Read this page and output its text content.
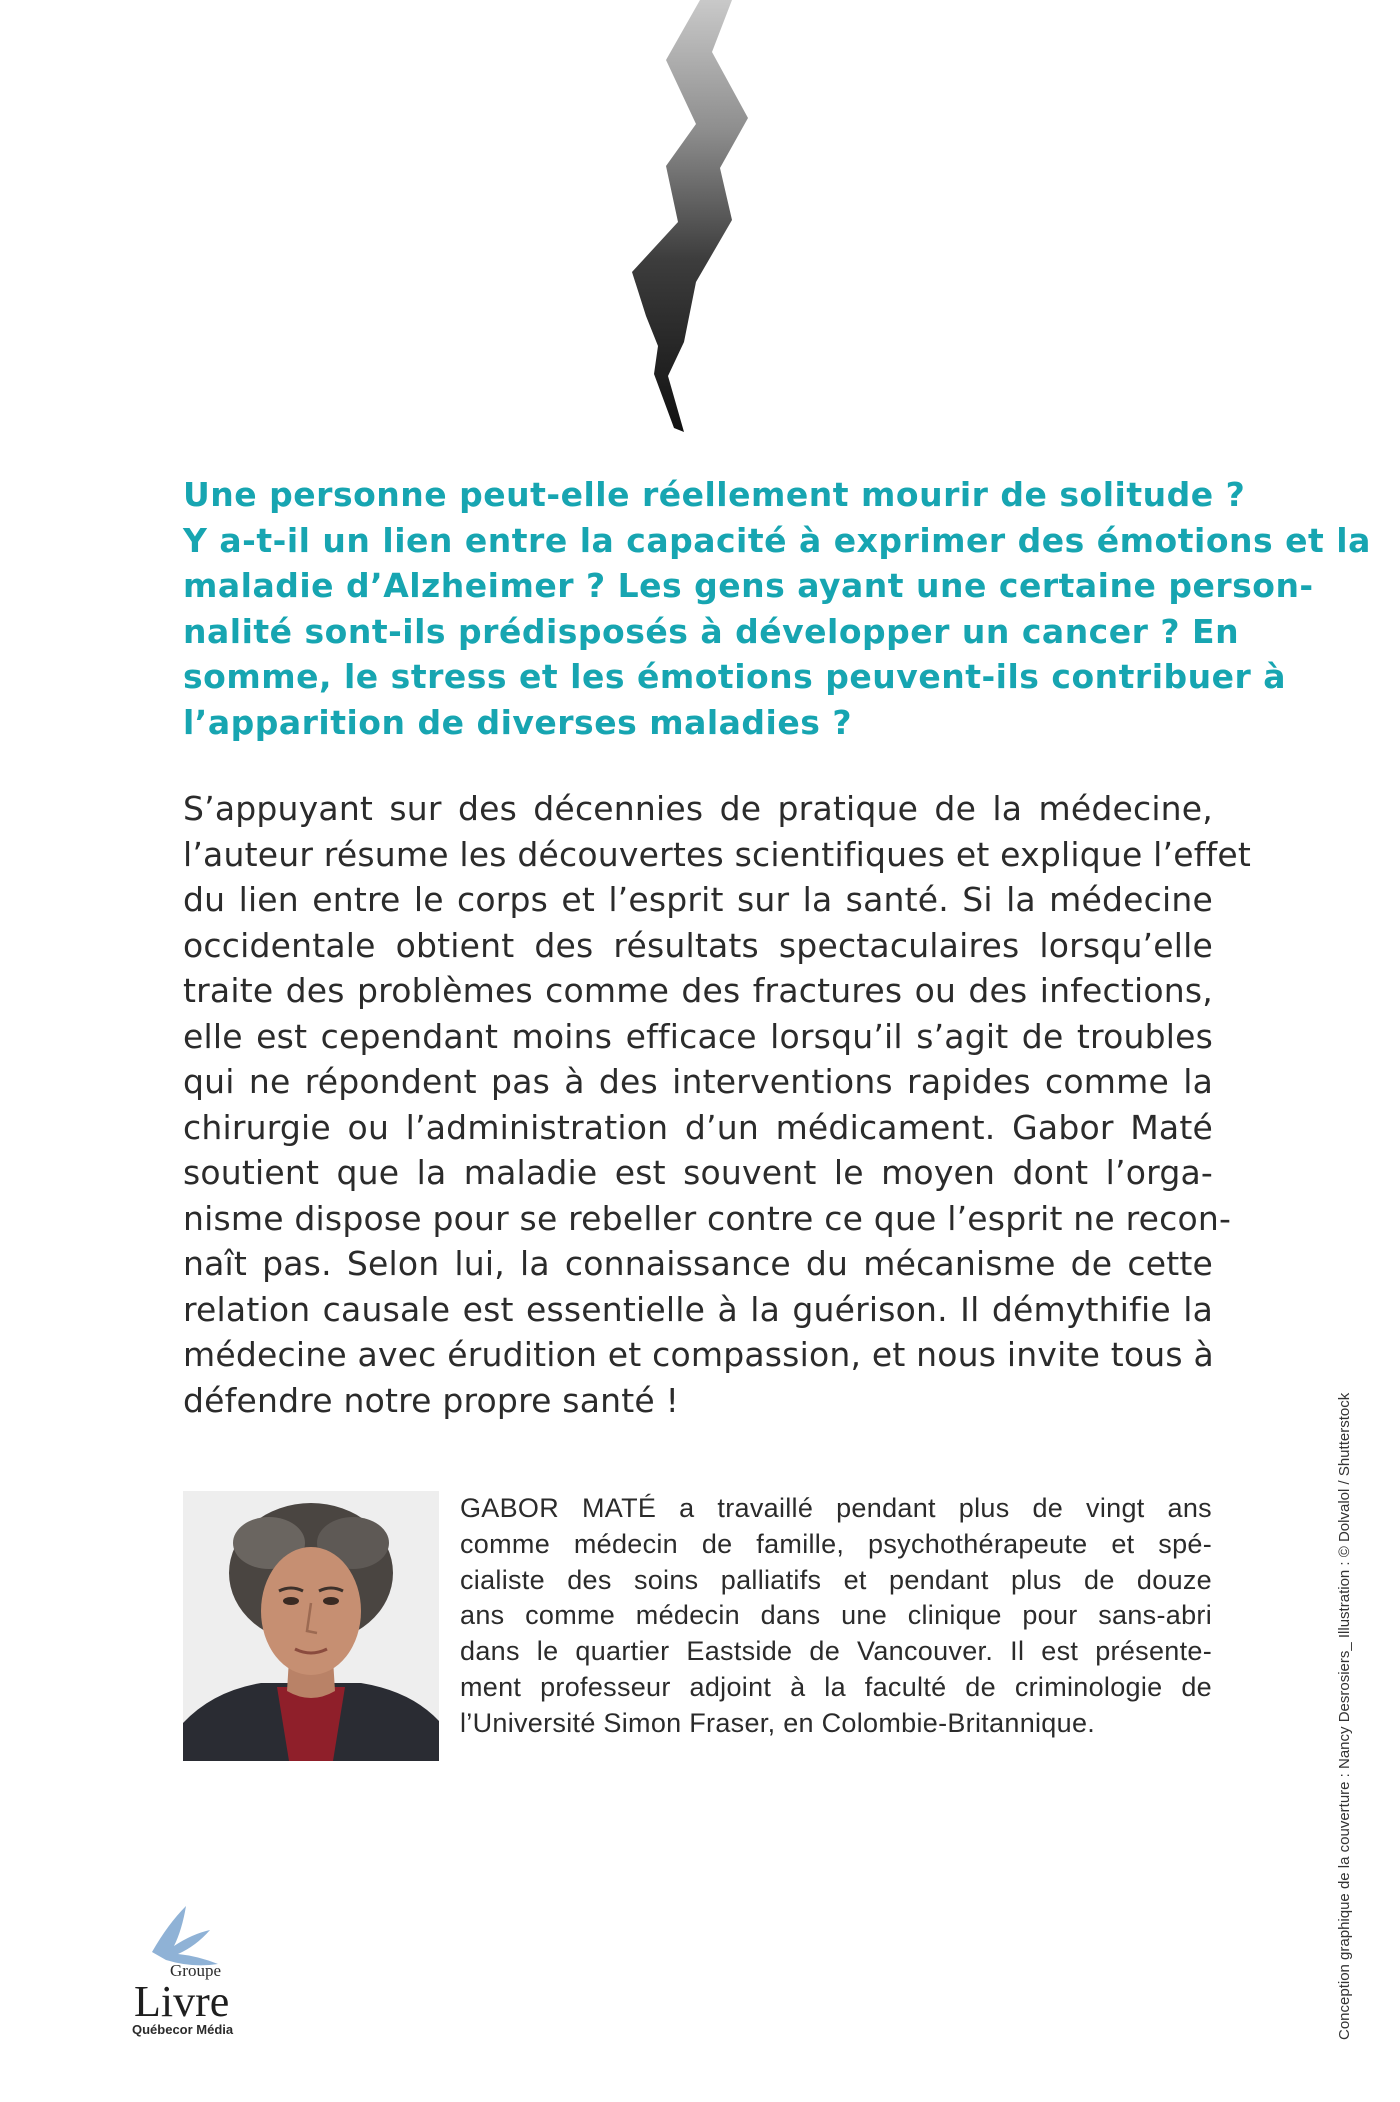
Une personne peut-elle réellement mourir de solitude ?
Y a-t-il un lien entre la capacité à exprimer des émotions et la
maladie d’Alzheimer ? Les gens ayant une certaine person-
nalité sont-ils prédisposés à développer un cancer ? En
somme, le stress et les émotions peuvent-ils contribuer à
l’apparition de diverses maladies ?
S’appuyant sur des décennies de pratique de la médecine,
l’auteur résume les découvertes scientifiques et explique l’effet
du lien entre le corps et l’esprit sur la santé. Si la médecine
occidentale obtient des résultats spectaculaires lorsqu’elle
traite des problèmes comme des fractures ou des infections,
elle est cependant moins efficace lorsqu’il s’agit de troubles
qui ne répondent pas à des interventions rapides comme la
chirurgie ou l’administration d’un médicament. Gabor Maté
soutient que la maladie est souvent le moyen dont l’orga-
nisme dispose pour se rebeller contre ce que l’esprit ne recon-
naît pas. Selon lui, la connaissance du mécanisme de cette
relation causale est essentielle à la guérison. Il démythifie la
médecine avec érudition et compassion, et nous invite tous à
défendre notre propre santé !
GABOR MATÉ a travaillé pendant plus de vingt ans
comme médecin de famille, psychothérapeute et spé-
cialiste des soins palliatifs et pendant plus de douze
ans comme médecin dans une clinique pour sans-abri
dans le quartier Eastside de Vancouver. Il est présente-
ment professeur adjoint à la faculté de criminologie de
l’Université Simon Fraser, en Colombie-Britannique.	Conception graphique de la couverture : Nancy Desrosiers_ Illustration : © Dolvalol / Shutterstock
Groupe
Livre
Québecor Média
